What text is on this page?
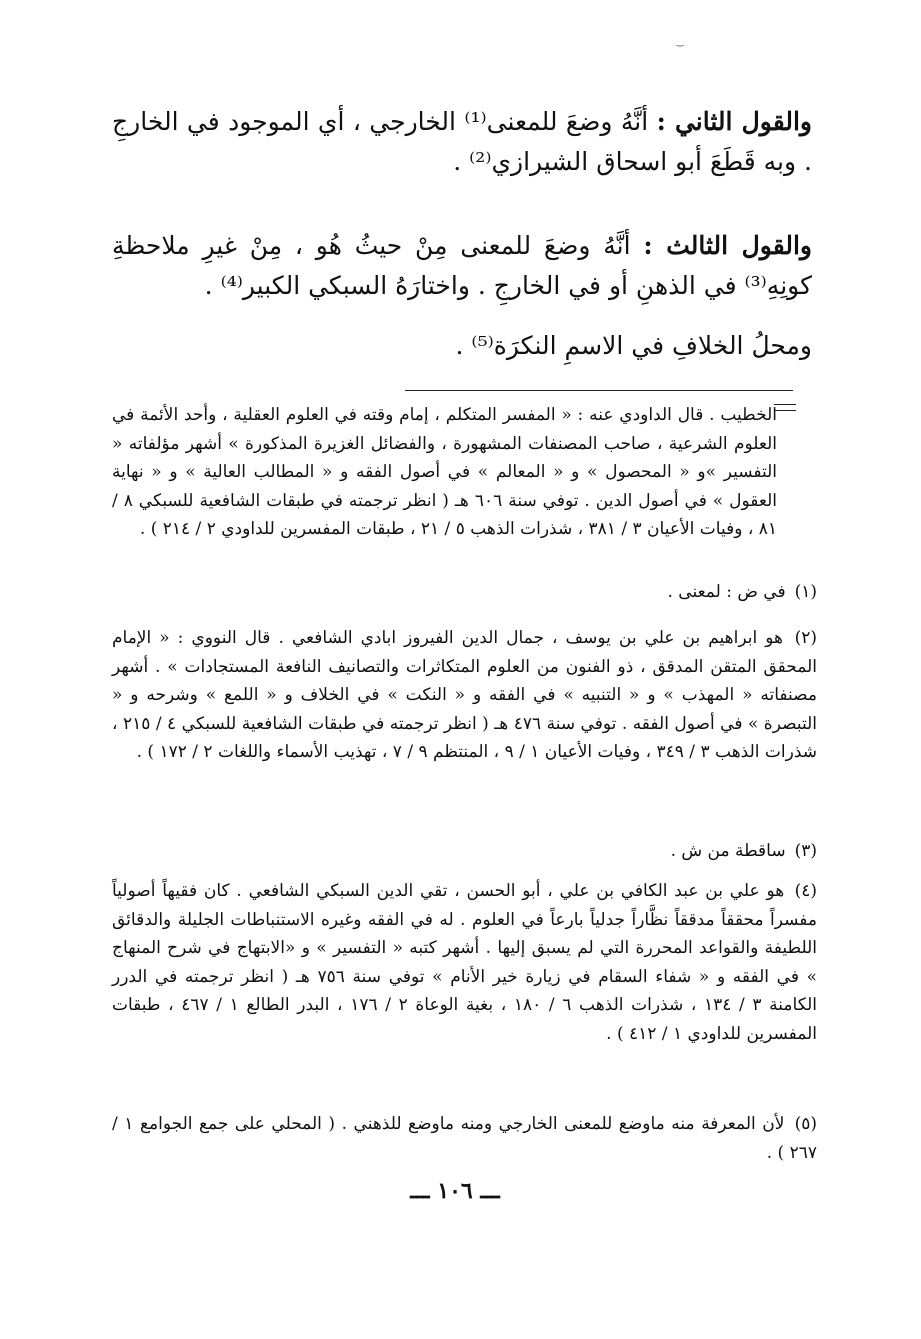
‿

والقول الثاني : أنَّهُ وضعَ للمعنى⁽¹⁾ الخارجي ، أي الموجود في الخارجِ . وبه قَطَعَ أبو اسحاق الشيرازي⁽²⁾ .

والقول الثالث : أنَّهُ وضعَ للمعنى مِنْ حيثُ هُو ، مِنْ غيرِ ملاحظةِ كونِهِ⁽³⁾ في الذهنِ أو في الخارجِ . واختارَهُ السبكي الكبير⁽⁴⁾ .

ومحلُ الخلافِ في الاسمِ النكرَة⁽⁵⁾ .

الخطيب . قال الداودي عنه : « المفسر المتكلم ، إمام وقته في العلوم العقلية ، وأحد الأئمة في العلوم الشرعية ، صاحب المصنفات المشهورة ، والفضائل الغزيرة المذكورة » أشهر مؤلفاته « التفسير »و « المحصول » و « المعالم » في أصول الفقه و « المطالب العالية » و « نهاية العقول » في أصول الدين . توفي سنة ٦٠٦ هـ ( انظر ترجمته في طبقات الشافعية للسبكي ٨ / ٨١ ، وفيات الأعيان ٣ / ٣٨١ ، شذرات الذهب ٥ / ٢١ ، طبقات المفسرين للداودي ٢ / ٢١٤ ) .
(١) في ض : لمعنى .
(٢) هو ابراهيم بن علي بن يوسف ، جمال الدين الفيروز ابادي الشافعي . قال النووي : « الإمام المحقق المتقن المدقق ، ذو الفنون من العلوم المتكاثرات والتصانيف النافعة المستجادات » . أشهر مصنفاته « المهذب » و « التنبيه » في الفقه و « النكت » في الخلاف و « اللمع » وشرحه و « التبصرة » في أصول الفقه . توفي سنة ٤٧٦ هـ ( انظر ترجمته في طبقات الشافعية للسبكي ٤ / ٢١٥ ، شذرات الذهب ٣ / ٣٤٩ ، وفيات الأعيان ١ / ٩ ، المنتظم ٩ / ٧ ، تهذيب الأسماء واللغات ٢ / ١٧٢ ) .
(٣) ساقطة من ش .
(٤) هو علي بن عبد الكافي بن علي ، أبو الحسن ، تقي الدين السبكي الشافعي . كان فقيهاً أصولياً مفسراً محققاً مدققاً نظَّاراً جدلياً بارعاً في العلوم . له في الفقه وغيره الاستنباطات الجليلة والدقائق اللطيفة والقواعد المحررة التي لم يسبق إليها . أشهر كتبه « التفسير » و «الابتهاج في شرح المنهاج » في الفقه و « شفاء السقام في زيارة خير الأنام » توفي سنة ٧٥٦ هـ ( انظر ترجمته في الدرر الكامنة ٣ / ١٣٤ ، شذرات الذهب ٦ / ١٨٠ ، بغية الوعاة ٢ / ١٧٦ ، البدر الطالع ١ / ٤٦٧ ، طبقات المفسرين للداودي ١ / ٤١٢ ) .
(٥) لأن المعرفة منه ماوضع للمعنى الخارجي ومنه ماوضع للذهني . ( المحلي على جمع الجوامع ١ / ٢٦٧ ) .
ـــ ١٠٦ ـــ
